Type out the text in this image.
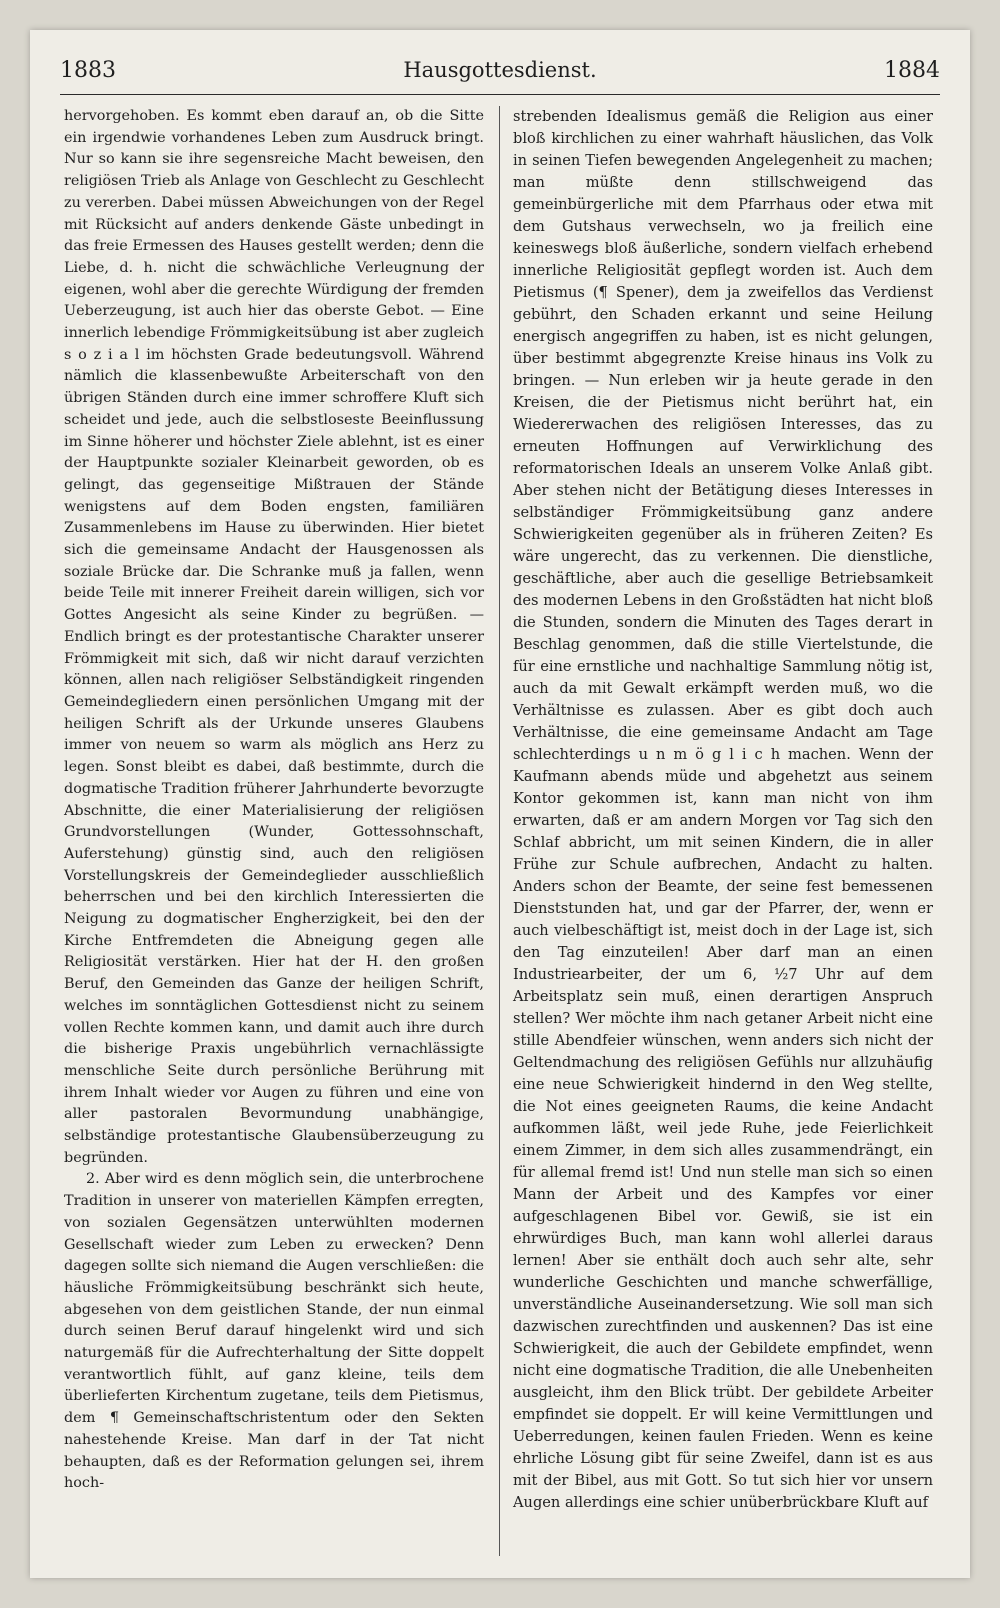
1883	Hausgottesdienst.	1884

hervorgehoben. Es kommt eben darauf an, ob die Sitte ein irgendwie vorhandenes Leben zum Ausdruck bringt. Nur so kann sie ihre segensreiche Macht beweisen, den religiösen Trieb als Anlage von Geschlecht zu Geschlecht zu vererben. Dabei müssen Abweichungen von der Regel mit Rücksicht auf anders denkende Gäste unbedingt in das freie Ermessen des Hauses gestellt werden; denn die Liebe, d. h. nicht die schwächliche Verleugnung der eigenen, wohl aber die gerechte Würdigung der fremden Ueberzeugung, ist auch hier das oberste Gebot. — Eine innerlich lebendige Frömmigkeitsübung ist aber zugleich s o z i a l im höchsten Grade bedeutungsvoll. Während nämlich die klassenbewußte Arbeiterschaft von den übrigen Ständen durch eine immer schroffere Kluft sich scheidet und jede, auch die selbstloseste Beeinflussung im Sinne höherer und höchster Ziele ablehnt, ist es einer der Hauptpunkte sozialer Kleinarbeit geworden, ob es gelingt, das gegenseitige Mißtrauen der Stände wenigstens auf dem Boden engsten, familiären Zusammenlebens im Hause zu überwinden. Hier bietet sich die gemeinsame Andacht der Hausgenossen als soziale Brücke dar. Die Schranke muß ja fallen, wenn beide Teile mit innerer Freiheit darein willigen, sich vor Gottes Angesicht als seine Kinder zu begrüßen. — Endlich bringt es der protestantische Charakter unserer Frömmigkeit mit sich, daß wir nicht darauf verzichten können, allen nach religiöser Selbständigkeit ringenden Gemeindegliedern einen persönlichen Umgang mit der heiligen Schrift als der Urkunde unseres Glaubens immer von neuem so warm als möglich ans Herz zu legen. Sonst bleibt es dabei, daß bestimmte, durch die dogmatische Tradition früherer Jahrhunderte bevorzugte Abschnitte, die einer Materialisierung der religiösen Grundvorstellungen (Wunder, Gottessohnschaft, Auferstehung) günstig sind, auch den religiösen Vorstellungskreis der Gemeindeglieder ausschließlich beherrschen und bei den kirchlich Interessierten die Neigung zu dogmatischer Engherzigkeit, bei den der Kirche Entfremdeten die Abneigung gegen alle Religiosität verstärken. Hier hat der H. den großen Beruf, den Gemeinden das Ganze der heiligen Schrift, welches im sonntäglichen Gottesdienst nicht zu seinem vollen Rechte kommen kann, und damit auch ihre durch die bisherige Praxis ungebührlich vernachlässigte menschliche Seite durch persönliche Berührung mit ihrem Inhalt wieder vor Augen zu führen und eine von aller pastoralen Bevormundung unabhängige, selbständige protestantische Glaubensüberzeugung zu begründen.

2. Aber wird es denn möglich sein, die unterbrochene Tradition in unserer von materiellen Kämpfen erregten, von sozialen Gegensätzen unterwühlten modernen Gesellschaft wieder zum Leben zu erwecken? Denn dagegen sollte sich niemand die Augen verschließen: die häusliche Frömmigkeitsübung beschränkt sich heute, abgesehen von dem geistlichen Stande, der nun einmal durch seinen Beruf darauf hingelenkt wird und sich naturgemäß für die Aufrechterhaltung der Sitte doppelt verantwortlich fühlt, auf ganz kleine, teils dem überlieferten Kirchentum zugetane, teils dem Pietismus, dem ¶ Gemeinschaftschristentum oder den Sekten nahestehende Kreise. Man darf in der Tat nicht behaupten, daß es der Reformation gelungen sei, ihrem hoch-

strebenden Idealismus gemäß die Religion aus einer bloß kirchlichen zu einer wahrhaft häuslichen, das Volk in seinen Tiefen bewegenden Angelegenheit zu machen; man müßte denn stillschweigend das gemeinbürgerliche mit dem Pfarrhaus oder etwa mit dem Gutshaus verwechseln, wo ja freilich eine keineswegs bloß äußerliche, sondern vielfach erhebend innerliche Religiosität gepflegt worden ist. Auch dem Pietismus (¶ Spener), dem ja zweifellos das Verdienst gebührt, den Schaden erkannt und seine Heilung energisch angegriffen zu haben, ist es nicht gelungen, über bestimmt abgegrenzte Kreise hinaus ins Volk zu bringen. — Nun erleben wir ja heute gerade in den Kreisen, die der Pietismus nicht berührt hat, ein Wiedererwachen des religiösen Interesses, das zu erneuten Hoffnungen auf Verwirklichung des reformatorischen Ideals an unserem Volke Anlaß gibt. Aber stehen nicht der Betätigung dieses Interesses in selbständiger Frömmigkeitsübung ganz andere Schwierigkeiten gegenüber als in früheren Zeiten? Es wäre ungerecht, das zu verkennen. Die dienstliche, geschäftliche, aber auch die gesellige Betriebsamkeit des modernen Lebens in den Großstädten hat nicht bloß die Stunden, sondern die Minuten des Tages derart in Beschlag genommen, daß die stille Viertelstunde, die für eine ernstliche und nachhaltige Sammlung nötig ist, auch da mit Gewalt erkämpft werden muß, wo die Verhältnisse es zulassen. Aber es gibt doch auch Verhältnisse, die eine gemeinsame Andacht am Tage schlechterdings u n m ö g l i c h machen. Wenn der Kaufmann abends müde und abgehetzt aus seinem Kontor gekommen ist, kann man nicht von ihm erwarten, daß er am andern Morgen vor Tag sich den Schlaf abbricht, um mit seinen Kindern, die in aller Frühe zur Schule aufbrechen, Andacht zu halten. Anders schon der Beamte, der seine fest bemessenen Dienststunden hat, und gar der Pfarrer, der, wenn er auch vielbeschäftigt ist, meist doch in der Lage ist, sich den Tag einzuteilen! Aber darf man an einen Industriearbeiter, der um 6, ½7 Uhr auf dem Arbeitsplatz sein muß, einen derartigen Anspruch stellen? Wer möchte ihm nach getaner Arbeit nicht eine stille Abendfeier wünschen, wenn anders sich nicht der Geltendmachung des religiösen Gefühls nur allzuhäufig eine neue Schwierigkeit hindernd in den Weg stellte, die Not eines geeigneten Raums, die keine Andacht aufkommen läßt, weil jede Ruhe, jede Feierlichkeit einem Zimmer, in dem sich alles zusammendrängt, ein für allemal fremd ist! Und nun stelle man sich so einen Mann der Arbeit und des Kampfes vor einer aufgeschlagenen Bibel vor. Gewiß, sie ist ein ehrwürdiges Buch, man kann wohl allerlei daraus lernen! Aber sie enthält doch auch sehr alte, sehr wunderliche Geschichten und manche schwerfällige, unverständliche Auseinandersetzung. Wie soll man sich dazwischen zurechtfinden und auskennen? Das ist eine Schwierigkeit, die auch der Gebildete empfindet, wenn nicht eine dogmatische Tradition, die alle Unebenheiten ausgleicht, ihm den Blick trübt. Der gebildete Arbeiter empfindet sie doppelt. Er will keine Vermittlungen und Ueberredungen, keinen faulen Frieden. Wenn es keine ehrliche Lösung gibt für seine Zweifel, dann ist es aus mit der Bibel, aus mit Gott. So tut sich hier vor unsern Augen allerdings eine schier unüberbrückbare Kluft auf
